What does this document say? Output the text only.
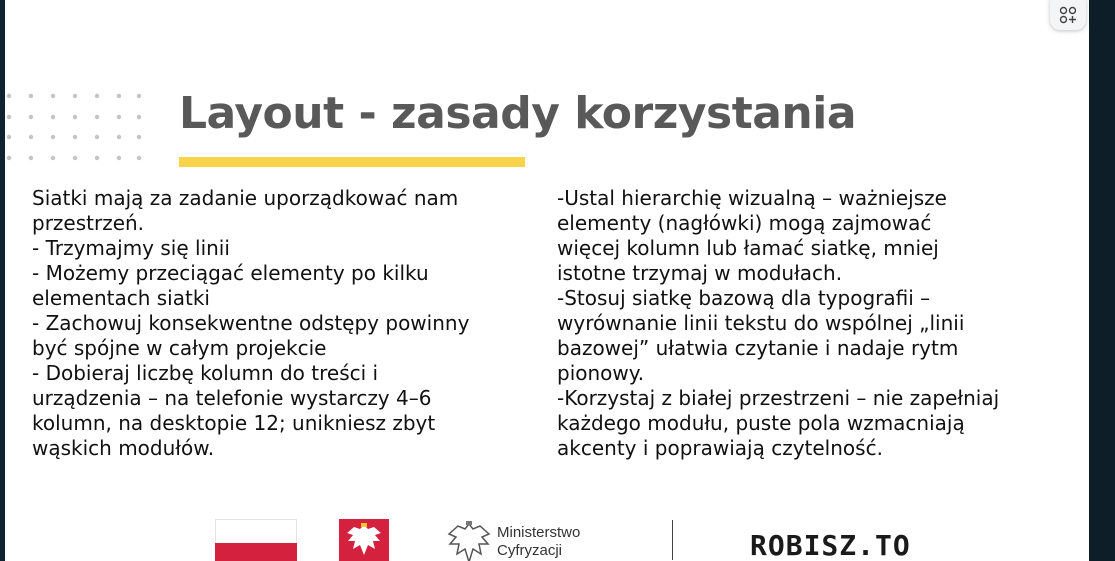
Layout - zasady korzystania

Siatki mają za zadanie uporządkować nam
przestrzeń.
- Trzymajmy się linii
- Możemy przeciągać elementy po kilku
elementach siatki
- Zachowuj konsekwentne odstępy powinny
być spójne w całym projekcie
- Dobieraj liczbę kolumn do treści i
urządzenia – na telefonie wystarczy 4–6
kolumn, na desktopie 12; unikniesz zbyt
wąskich modułów.

-Ustal hierarchię wizualną – ważniejsze
elementy (nagłówki) mogą zajmować
więcej kolumn lub łamać siatkę, mniej
istotne trzymaj w modułach.
-Stosuj siatkę bazową dla typografii –
wyrównanie linii tekstu do wspólnej „linii
bazowej” ułatwia czytanie i nadaje rytm
pionowy.
-Korzystaj z białej przestrzeni – nie zapełniaj
każdego modułu, puste pola wzmacniają
akcenty i poprawiają czytelność.

Ministerstwo
Cyfryzacji	ROBISZ.TO
